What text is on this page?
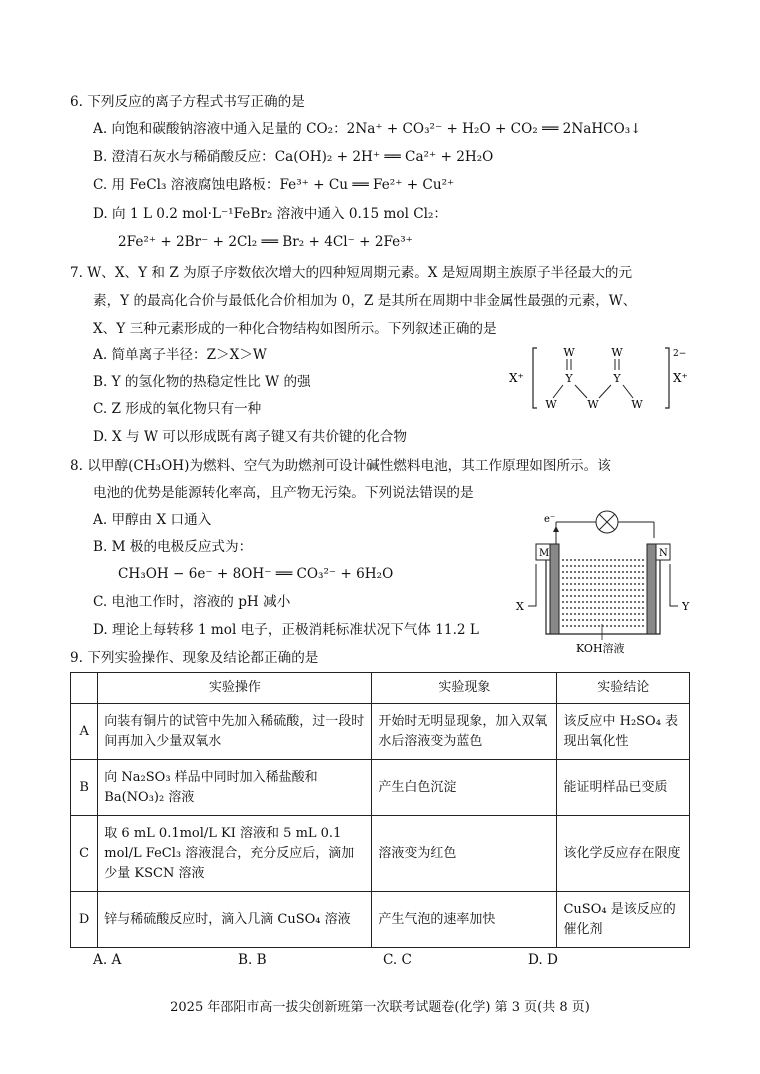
6. 下列反应的离子方程式书写正确的是
A. 向饱和碳酸钠溶液中通入足量的 CO₂：2Na⁺ + CO₃²⁻ + H₂O + CO₂ ══ 2NaHCO₃↓
B. 澄清石灰水与稀硝酸反应：Ca(OH)₂ + 2H⁺ ══ Ca²⁺ + 2H₂O
C. 用 FeCl₃ 溶液腐蚀电路板：Fe³⁺ + Cu ══ Fe²⁺ + Cu²⁺
D. 向 1 L 0.2 mol·L⁻¹FeBr₂ 溶液中通入 0.15 mol Cl₂：
2Fe²⁺ + 2Br⁻ + 2Cl₂ ══ Br₂ + 4Cl⁻ + 2Fe³⁺
7. W、X、Y 和 Z 为原子序数依次增大的四种短周期元素。X 是短周期主族原子半径最大的元
素，Y 的最高化合价与最低化合价相加为 0，Z 是其所在周期中非金属性最强的元素，W、
X、Y 三种元素形成的一种化合物结构如图所示。下列叙述正确的是
A. 简单离子半径：Z＞X＞W
B. Y 的氢化物的热稳定性比 W 的强
C. Z 形成的氧化物只有一种
D. X 与 W 可以形成既有离子键又有共价键的化合物
X⁺
2−
X⁺
W	W
Y	Y
W	W	W
8. 以甲醇(CH₃OH)为燃料、空气为助燃剂可设计碱性燃料电池，其工作原理如图所示。该
电池的优势是能源转化率高，且产物无污染。下列说法错误的是
A. 甲醇由 X 口通入
B. M 极的电极反应式为：
CH₃OH − 6e⁻ + 8OH⁻ ══ CO₃²⁻ + 6H₂O
C. 电池工作时，溶液的 pH 减小
D. 理论上每转移 1 mol 电子，正极消耗标准状况下气体 11.2 L
e⁻
M	N
X	Y
KOH溶液
9. 下列实验操作、现象及结论都正确的是
	实验操作	实验现象	实验结论
A	向装有铜片的试管中先加入稀硫酸，过一段时间再加入少量双氧水	开始时无明显现象，加入双氧水后溶液变为蓝色	该反应中 H₂SO₄ 表现出氧化性
B	向 Na₂SO₃ 样品中同时加入稀盐酸和 Ba(NO₃)₂ 溶液	产生白色沉淀	能证明样品已变质
C	取 6 mL 0.1mol/L KI 溶液和 5 mL 0.1 mol/L FeCl₃ 溶液混合，充分反应后，滴加少量 KSCN 溶液	溶液变为红色	该化学反应存在限度
D	锌与稀硫酸反应时，滴入几滴 CuSO₄ 溶液	产生气泡的速率加快	CuSO₄ 是该反应的催化剂
A. A	B. B	C. C	D. D
2025 年邵阳市高一拔尖创新班第一次联考试题卷(化学) 第 3 页(共 8 页)
